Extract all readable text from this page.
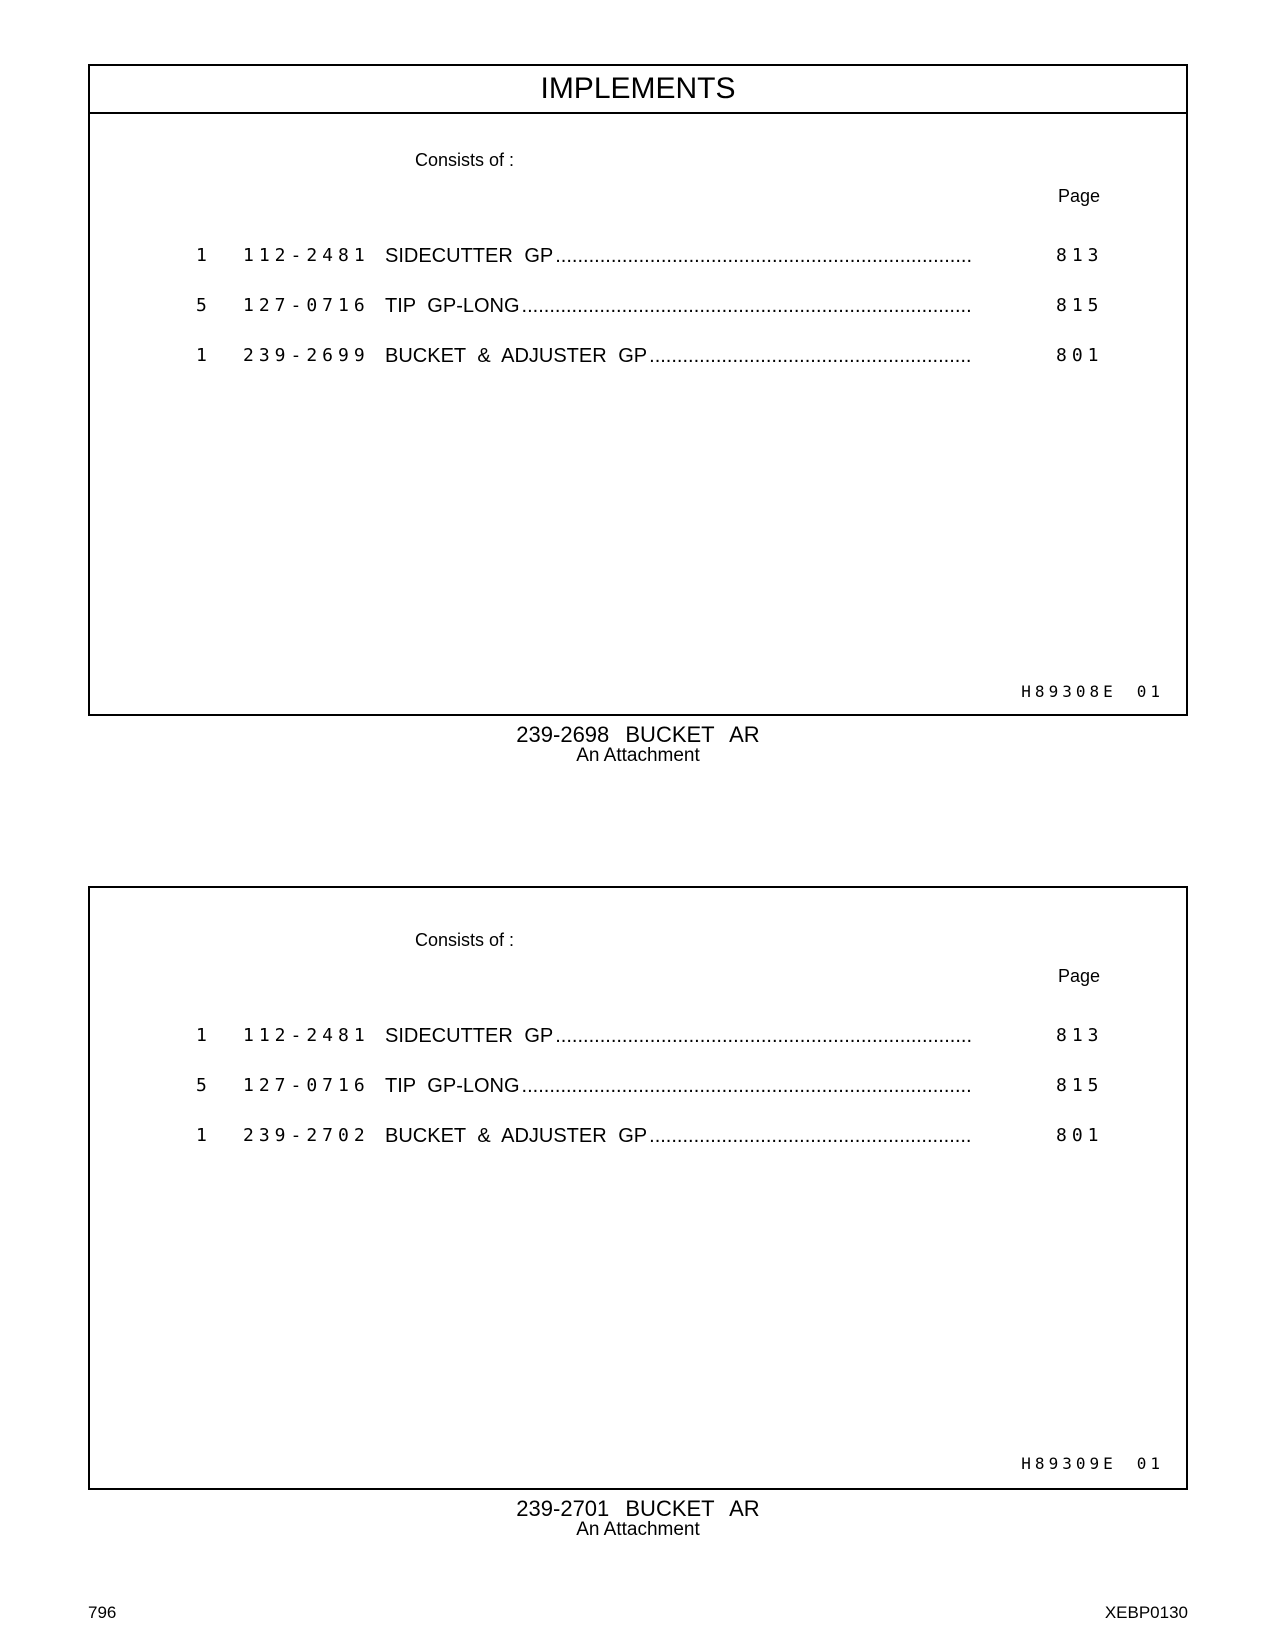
IMPLEMENTS
Consists of :
Page
1 112-2481 SIDECUTTER GP .....	813
5 127-0716 TIP GP-LONG .....	815
1 239-2699 BUCKET & ADJUSTER GP .....	801
H89308E 01
239-2698 BUCKET AR
An Attachment
Consists of :
Page
1 112-2481 SIDECUTTER GP .....	813
5 127-0716 TIP GP-LONG .....	815
1 239-2702 BUCKET & ADJUSTER GP .....	801
H89309E 01
239-2701 BUCKET AR
An Attachment
796	XEBP0130
